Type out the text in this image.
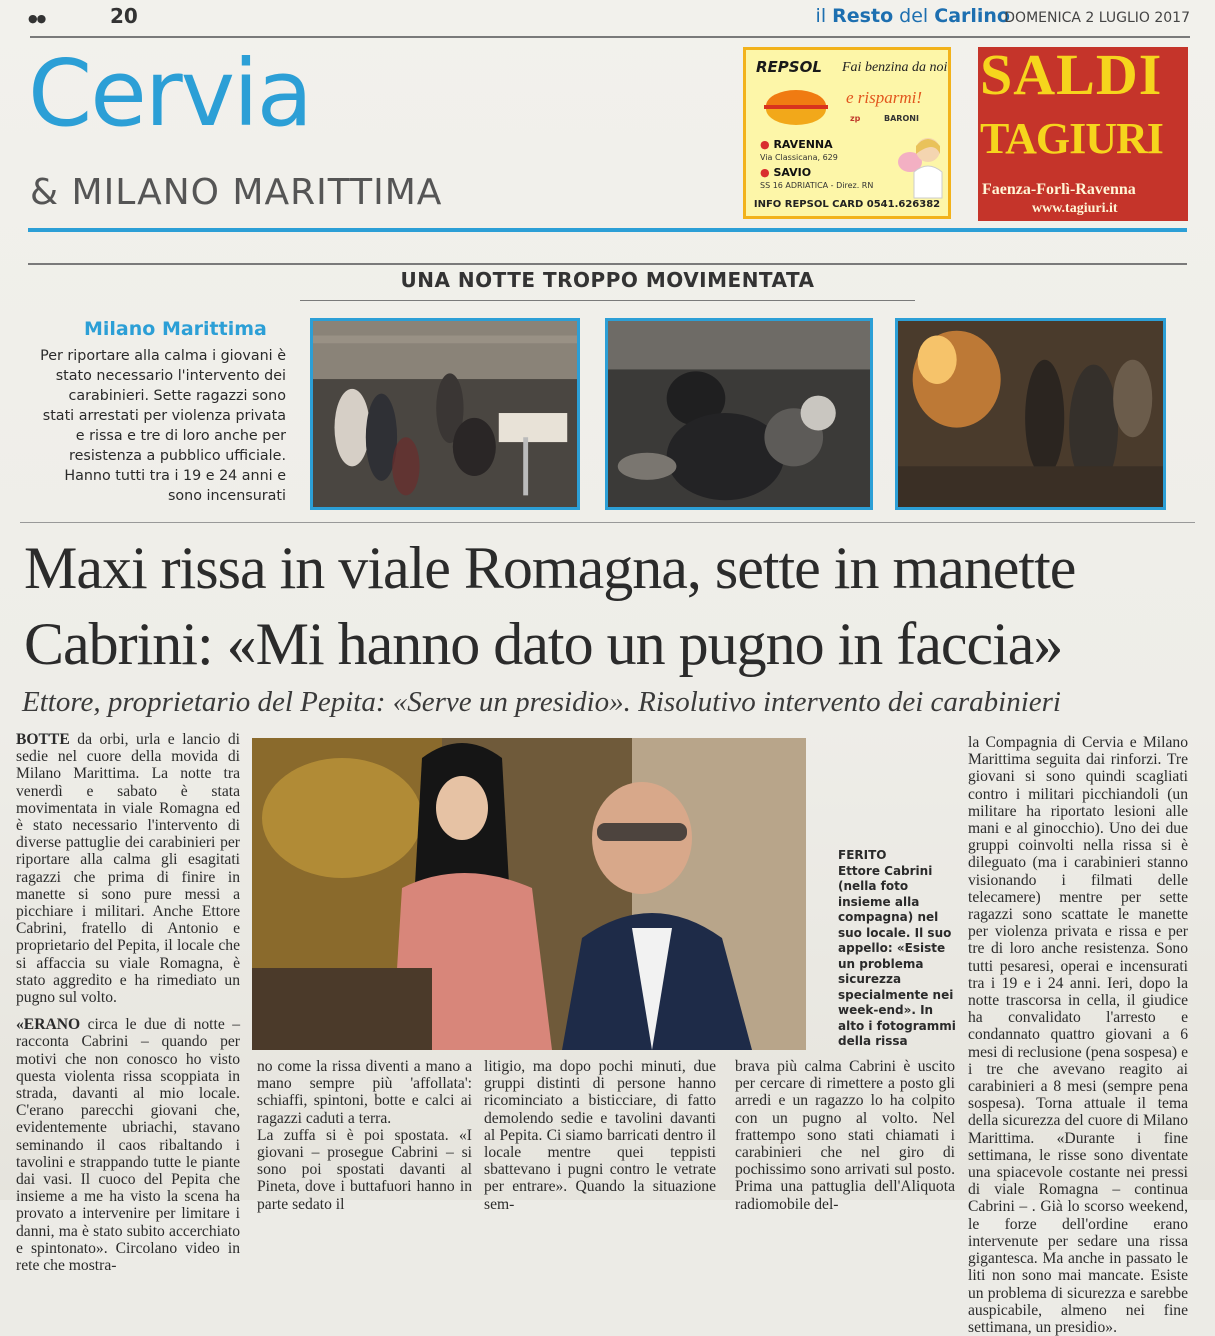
●●	20	il Resto del Carlino
DOMENICA 2 LUGLIO 2017
Cervia
& MILANO MARITTIMA
REPSOL Fai benzina da noi
e risparmi!
zp	BARONI
● RAVENNA
Via Classicana, 629
● SAVIO
SS 16 ADRIATICA - Direz. RN
INFO REPSOL CARD 0541.626382
SALDI
TAGIURI
Faenza-Forlì-Ravenna
www.tagiuri.it
UNA NOTTE TROPPO MOVIMENTATA
Milano Marittima
Per riportare alla calma i giovani è stato necessario l'intervento dei carabinieri. Sette ragazzi sono stati arrestati per violenza privata e rissa e tre di loro anche per resistenza a pubblico ufficiale. Hanno tutti tra i 19 e 24 anni e sono incensurati
Maxi rissa in viale Romagna, sette in manette
Cabrini: «Mi hanno dato un pugno in faccia»
Ettore, proprietario del Pepita: «Serve un presidio». Risolutivo intervento dei carabinieri

BOTTE da orbi, urla e lancio di sedie nel cuore della movida di Milano Marittima. La notte tra venerdì e sabato è stata movimentata in viale Romagna ed è stato necessario l'intervento di diverse pattuglie dei carabinieri per riportare alla calma gli esagitati ragazzi che prima di finire in manette si sono pure messi a picchiare i militari. Anche Ettore Cabrini, fratello di Antonio e proprietario del Pepita, il locale che si affaccia su viale Romagna, è stato aggredito e ha rimediato un pugno sul volto.

«ERANO circa le due di notte – racconta Cabrini – quando per motivi che non conosco ho visto questa violenta rissa scoppiata in strada, davanti al mio locale. C'erano parecchi giovani che, evidentemente ubriachi, stavano seminando il caos ribaltando i tavolini e strappando tutte le piante dai vasi. Il cuoco del Pepita che insieme a me ha visto la scena ha provato a intervenire per limitare i danni, ma è stato subito accerchiato e spintonato». Circolano video in rete che mostra-

FERITO
Ettore Cabrini (nella foto insieme alla compagna) nel suo locale. Il suo appello: «Esiste un problema sicurezza specialmente nei week-end». In alto i fotogrammi della rissa

no come la rissa diventi a mano a mano sempre più 'affollata': schiaffi, spintoni, botte e calci ai ragazzi caduti a terra.

La zuffa si è poi spostata. «I giovani – prosegue Cabrini – si sono poi spostati davanti al Pineta, dove i buttafuori hanno in parte sedato il

litigio, ma dopo pochi minuti, due gruppi distinti di persone hanno ricominciato a bisticciare, di fatto demolendo sedie e tavolini davanti al Pepita. Ci siamo barricati dentro il locale mentre quei teppisti sbattevano i pugni contro le vetrate per entrare». Quando la situazione sem-

brava più calma Cabrini è uscito per cercare di rimettere a posto gli arredi e un ragazzo lo ha colpito con un pugno al volto. Nel frattempo sono stati chiamati i carabinieri che nel giro di pochissimo sono arrivati sul posto. Prima una pattuglia dell'Aliquota radiomobile del-

la Compagnia di Cervia e Milano Marittima seguita dai rinforzi. Tre giovani si sono quindi scagliati contro i militari picchiandoli (un militare ha riportato lesioni alle mani e al ginocchio). Uno dei due gruppi coinvolti nella rissa si è dileguato (ma i carabinieri stanno visionando i filmati delle telecamere) mentre per sette ragazzi sono scattate le manette per violenza privata e rissa e per tre di loro anche resistenza. Sono tutti pesaresi, operai e incensurati tra i 19 e i 24 anni. Ieri, dopo la notte trascorsa in cella, il giudice ha convalidato l'arresto e condannato quattro giovani a 6 mesi di reclusione (pena sospesa) e i tre che avevano reagito ai carabinieri a 8 mesi (sempre pena sospesa). Torna attuale il tema della sicurezza del cuore di Milano Marittima. «Durante i fine settimana, le risse sono diventate una spiacevole costante nei pressi di viale Romagna – continua Cabrini – . Già lo scorso weekend, le forze dell'ordine erano intervenute per sedare una rissa gigantesca. Ma anche in passato le liti non sono mai mancate. Esiste un problema di sicurezza e sarebbe auspicabile, almeno nei fine settimana, un presidio».
